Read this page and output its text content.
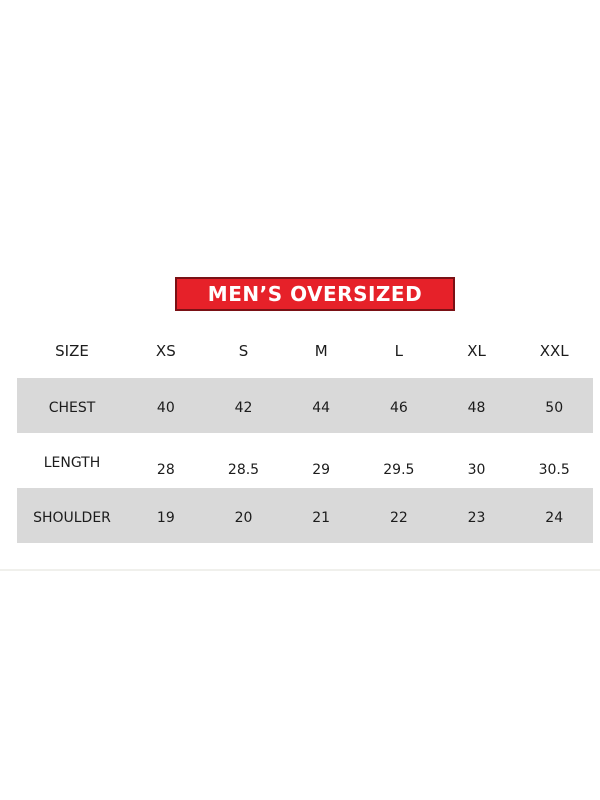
MEN’S OVERSIZED
SIZE	XS	S	M	L	XL	XXL
CHEST	40	42	44	46	48	50
LENGTH	28	28.5	29	29.5	30	30.5
SHOULDER	19	20	21	22	23	24
